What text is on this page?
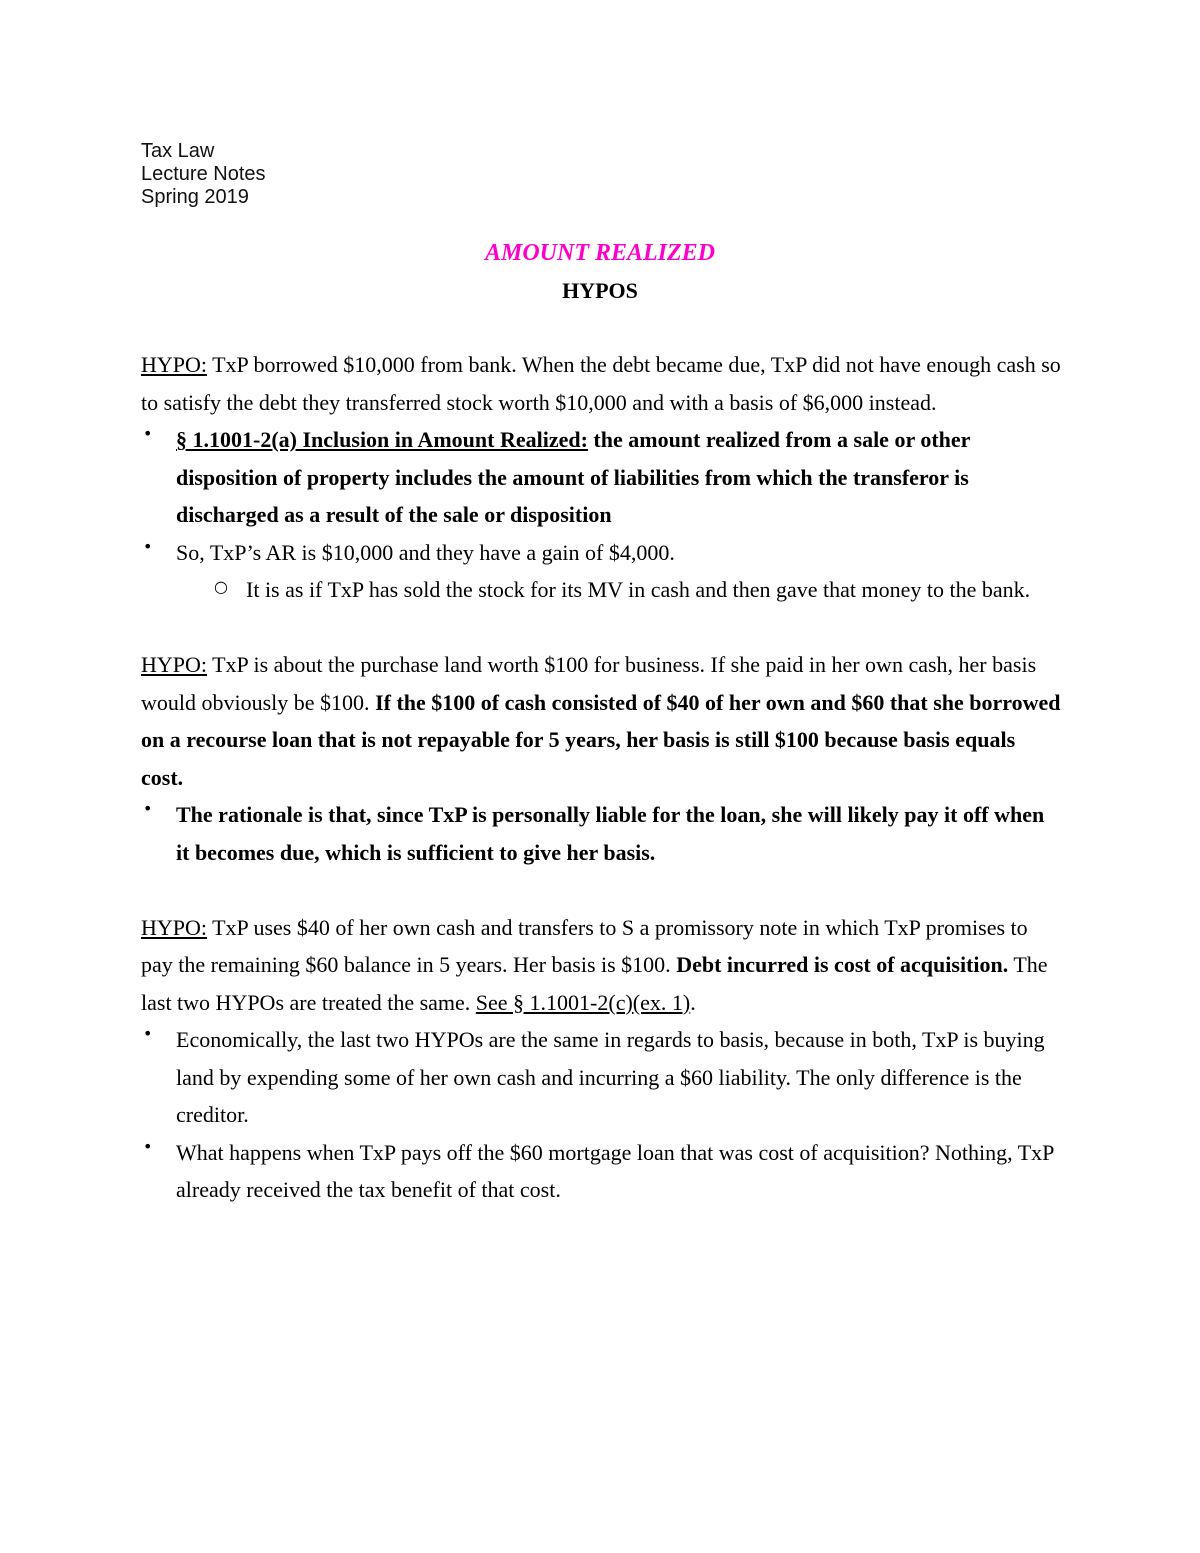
Tax Law
Lecture Notes
Spring 2019
AMOUNT REALIZED
HYPOS

HYPO: TxP borrowed $10,000 from bank. When the debt became due, TxP did not have enough cash so to satisfy the debt they transferred stock worth $10,000 and with a basis of $6,000 instead.

• § 1.1001-2(a) Inclusion in Amount Realized: the amount realized from a sale or other disposition of property includes the amount of liabilities from which the transferor is discharged as a result of the sale or disposition
• So, TxP’s AR is $10,000 and they have a gain of $4,000.
○ It is as if TxP has sold the stock for its MV in cash and then gave that money to the bank.

HYPO: TxP is about the purchase land worth $100 for business. If she paid in her own cash, her basis would obviously be $100. If the $100 of cash consisted of $40 of her own and $60 that she borrowed on a recourse loan that is not repayable for 5 years, her basis is still $100 because basis equals cost.

• The rationale is that, since TxP is personally liable for the loan, she will likely pay it off when it becomes due, which is sufficient to give her basis.

HYPO: TxP uses $40 of her own cash and transfers to S a promissory note in which TxP promises to pay the remaining $60 balance in 5 years. Her basis is $100. Debt incurred is cost of acquisition. The last two HYPOs are treated the same. See § 1.1001-2(c)(ex. 1).

• Economically, the last two HYPOs are the same in regards to basis, because in both, TxP is buying land by expending some of her own cash and incurring a $60 liability. The only difference is the creditor.
• What happens when TxP pays off the $60 mortgage loan that was cost of acquisition? Nothing, TxP already received the tax benefit of that cost.
